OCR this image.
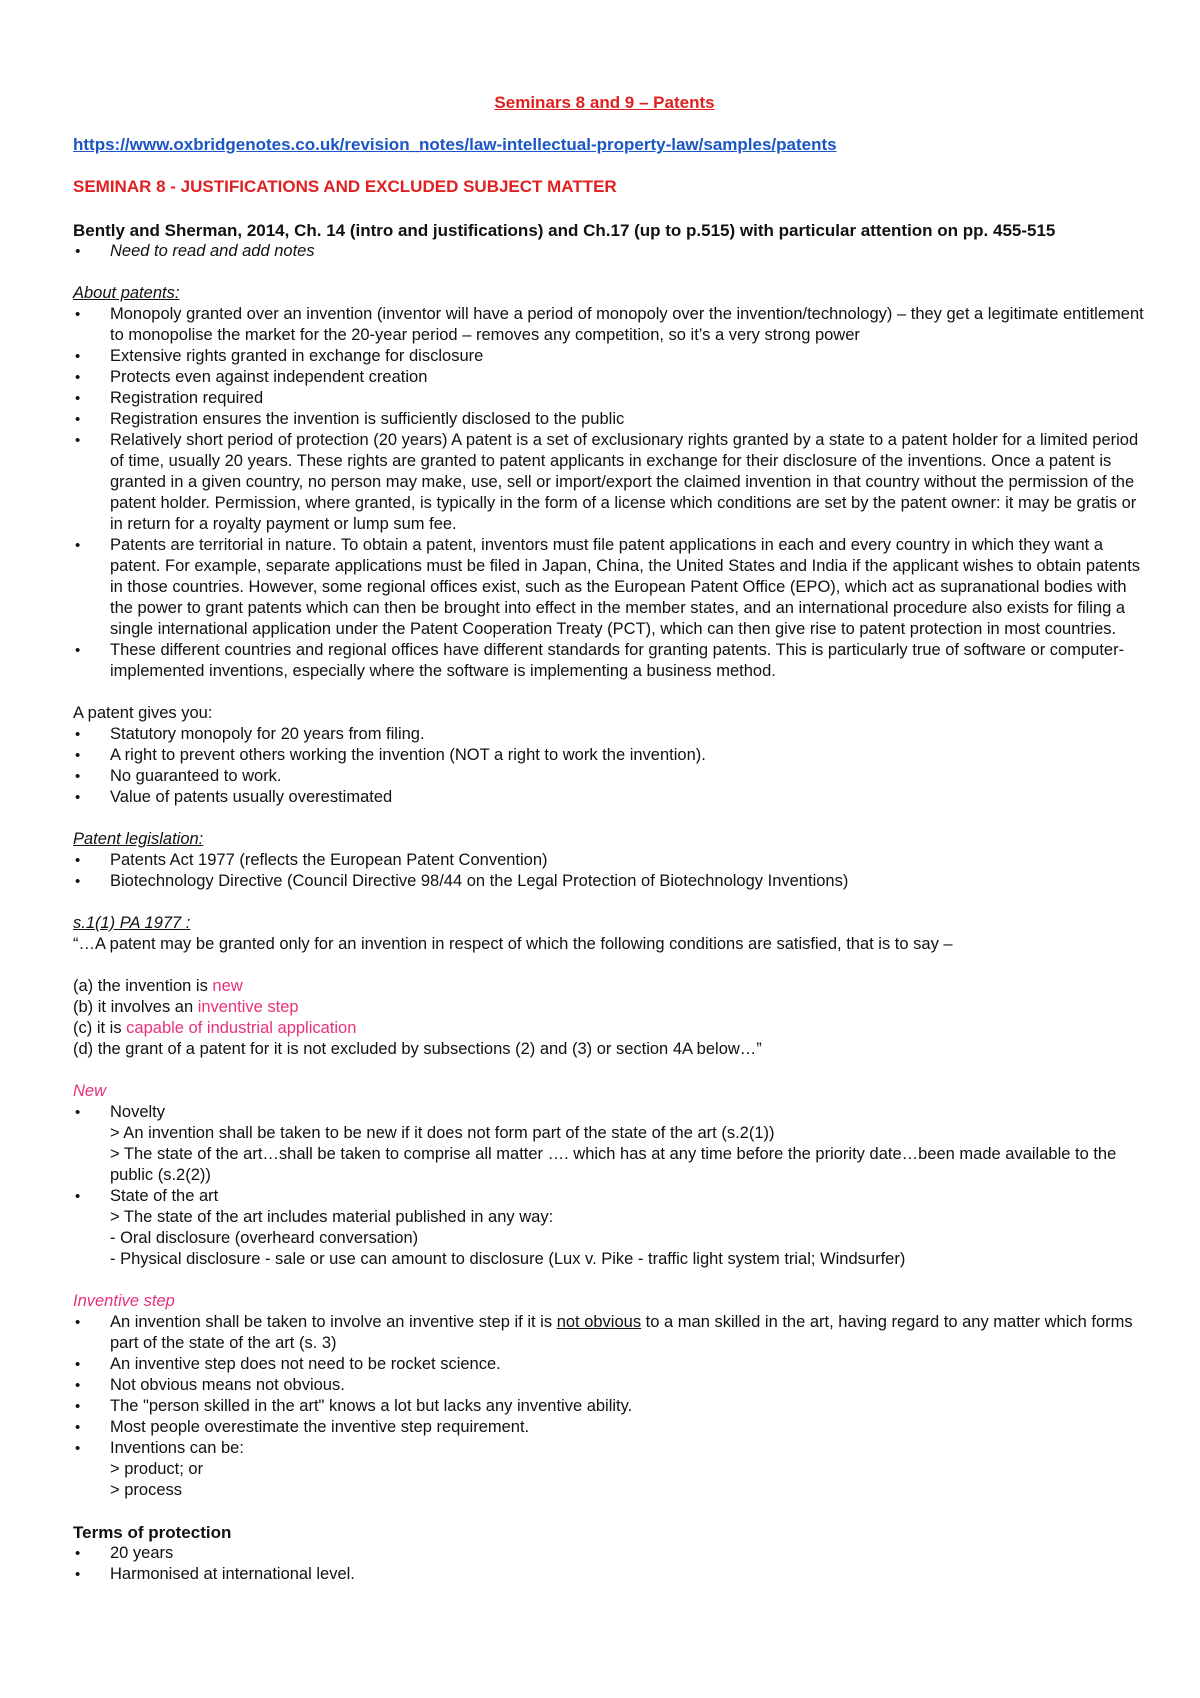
Seminars 8 and 9 – Patents
https://www.oxbridgenotes.co.uk/revision_notes/law-intellectual-property-law/samples/patents
SEMINAR 8 - JUSTIFICATIONS AND EXCLUDED SUBJECT MATTER

Bently and Sherman, 2014, Ch. 14 (intro and justifications) and Ch.17 (up to p.515) with particular attention on pp. 455-515

• Need to read and add notes

About patents:

• Monopoly granted over an invention (inventor will have a period of monopoly over the invention/technology) – they get a legitimate entitlement to monopolise the market for the 20-year period – removes any competition, so it’s a very strong power
• Extensive rights granted in exchange for disclosure
• Protects even against independent creation
• Registration required
• Registration ensures the invention is sufficiently disclosed to the public
• Relatively short period of protection (20 years) A patent is a set of exclusionary rights granted by a state to a patent holder for a limited period of time, usually 20 years. These rights are granted to patent applicants in exchange for their disclosure of the inventions. Once a patent is granted in a given country, no person may make, use, sell or import/export the claimed invention in that country without the permission of the patent holder. Permission, where granted, is typically in the form of a license which conditions are set by the patent owner: it may be gratis or in return for a royalty payment or lump sum fee.
• Patents are territorial in nature. To obtain a patent, inventors must file patent applications in each and every country in which they want a patent. For example, separate applications must be filed in Japan, China, the United States and India if the applicant wishes to obtain patents in those countries. However, some regional offices exist, such as the European Patent Office (EPO), which act as supranational bodies with the power to grant patents which can then be brought into effect in the member states, and an international procedure also exists for filing a single international application under the Patent Cooperation Treaty (PCT), which can then give rise to patent protection in most countries.
• These different countries and regional offices have different standards for granting patents. This is particularly true of software or computer-implemented inventions, especially where the software is implementing a business method.

A patent gives you:

• Statutory monopoly for 20 years from filing.
• A right to prevent others working the invention (NOT a right to work the invention).
• No guaranteed to work.
• Value of patents usually overestimated

Patent legislation:

• Patents Act 1977 (reflects the European Patent Convention)
• Biotechnology Directive (Council Directive 98/44 on the Legal Protection of Biotechnology Inventions)

s.1(1) PA 1977 :

“…A patent may be granted only for an invention in respect of which the following conditions are satisfied, that is to say –

(a) the invention is new

(b) it involves an inventive step

(c) it is capable of industrial application

(d) the grant of a patent for it is not excluded by subsections (2) and (3) or section 4A below…”

New

• Novelty
> An invention shall be taken to be new if it does not form part of the state of the art (s.2(1))
> The state of the art…shall be taken to comprise all matter …. which has at any time before the priority date…been made available to the public (s.2(2))
• State of the art
> The state of the art includes material published in any way:
- Oral disclosure (overheard conversation)
- Physical disclosure - sale or use can amount to disclosure (Lux v. Pike - traffic light system trial; Windsurfer)

Inventive step

• An invention shall be taken to involve an inventive step if it is not obvious to a man skilled in the art, having regard to any matter which forms part of the state of the art (s. 3)
• An inventive step does not need to be rocket science.
• Not obvious means not obvious.
• The "person skilled in the art" knows a lot but lacks any inventive ability.
• Most people overestimate the inventive step requirement.
• Inventions can be:
> product; or
> process

Terms of protection

• 20 years
• Harmonised at international level.
